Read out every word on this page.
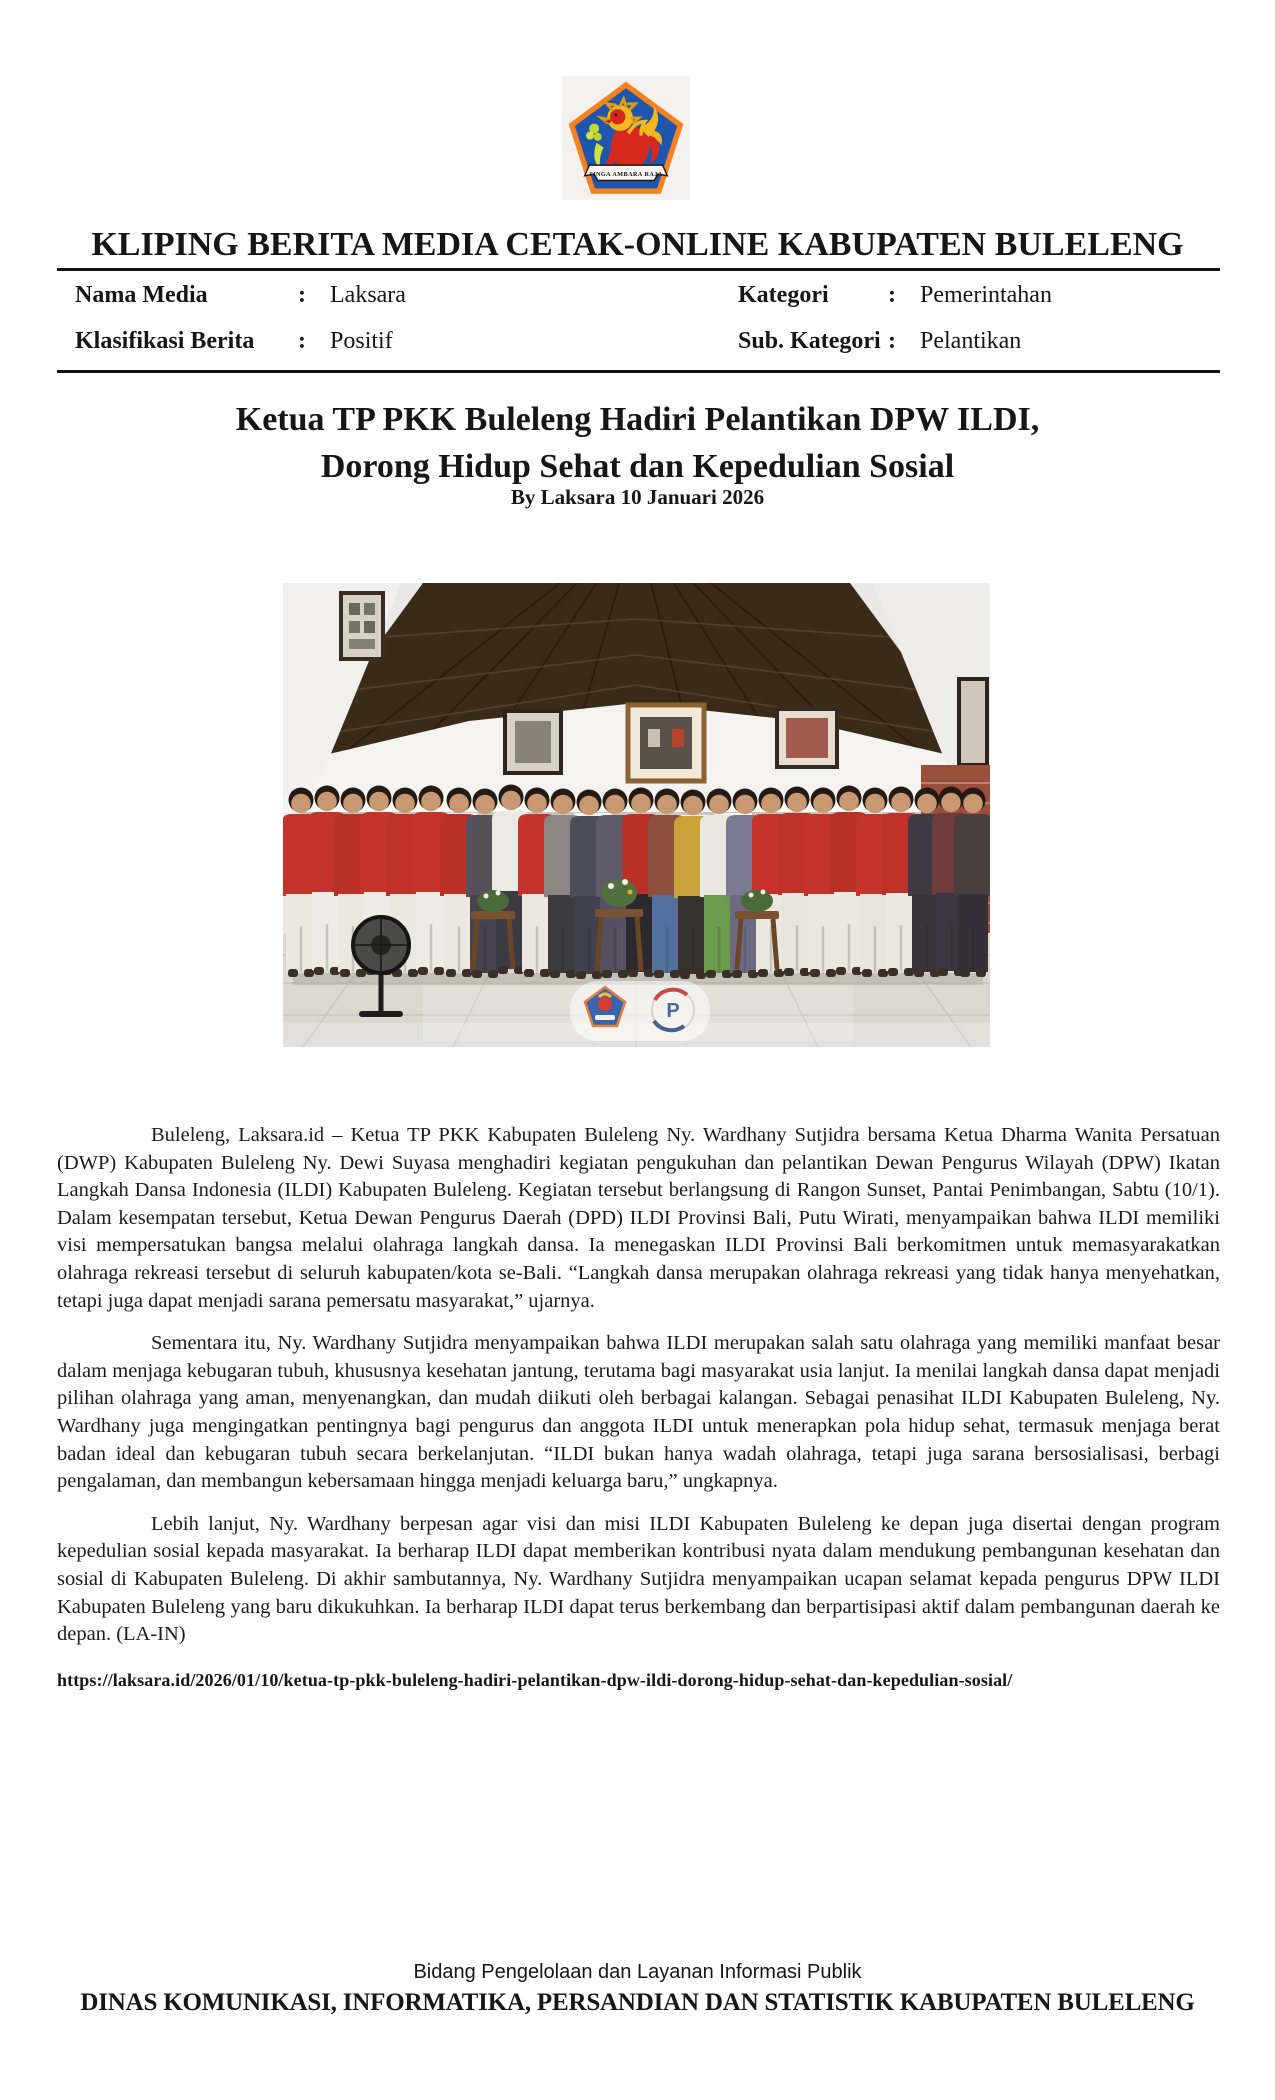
SINGA AMBARA RAJA
KLIPING BERITA MEDIA CETAK-ONLINE KABUPATEN BULELENG
Nama Media	: Laksara	Kategori : Pemerintahan
Klasifikasi Berita : Positif	Sub. Kategori : Pelantikan
Ketua TP PKK Buleleng Hadiri Pelantikan DPW ILDI,
Dorong Hidup Sehat dan Kepedulian Sosial
By Laksara 10 Januari 2026
P

Buleleng, Laksara.id – Ketua TP PKK Kabupaten Buleleng Ny. Wardhany Sutjidra bersama Ketua Dharma Wanita Persatuan (DWP) Kabupaten Buleleng Ny. Dewi Suyasa menghadiri kegiatan pengukuhan dan pelantikan Dewan Pengurus Wilayah (DPW) Ikatan Langkah Dansa Indonesia (ILDI) Kabupaten Buleleng. Kegiatan tersebut berlangsung di Rangon Sunset, Pantai Penimbangan, Sabtu (10/1). Dalam kesempatan tersebut, Ketua Dewan Pengurus Daerah (DPD) ILDI Provinsi Bali, Putu Wirati, menyampaikan bahwa ILDI memiliki visi mempersatukan bangsa melalui olahraga langkah dansa. Ia menegaskan ILDI Provinsi Bali berkomitmen untuk memasyarakatkan olahraga rekreasi tersebut di seluruh kabupaten/kota se-Bali. “Langkah dansa merupakan olahraga rekreasi yang tidak hanya menyehatkan, tetapi juga dapat menjadi sarana pemersatu masyarakat,” ujarnya.

Sementara itu, Ny. Wardhany Sutjidra menyampaikan bahwa ILDI merupakan salah satu olahraga yang memiliki manfaat besar dalam menjaga kebugaran tubuh, khususnya kesehatan jantung, terutama bagi masyarakat usia lanjut. Ia menilai langkah dansa dapat menjadi pilihan olahraga yang aman, menyenangkan, dan mudah diikuti oleh berbagai kalangan. Sebagai penasihat ILDI Kabupaten Buleleng, Ny. Wardhany juga mengingatkan pentingnya bagi pengurus dan anggota ILDI untuk menerapkan pola hidup sehat, termasuk menjaga berat badan ideal dan kebugaran tubuh secara berkelanjutan. “ILDI bukan hanya wadah olahraga, tetapi juga sarana bersosialisasi, berbagi pengalaman, dan membangun kebersamaan hingga menjadi keluarga baru,” ungkapnya.

Lebih lanjut, Ny. Wardhany berpesan agar visi dan misi ILDI Kabupaten Buleleng ke depan juga disertai dengan program kepedulian sosial kepada masyarakat. Ia berharap ILDI dapat memberikan kontribusi nyata dalam mendukung pembangunan kesehatan dan sosial di Kabupaten Buleleng. Di akhir sambutannya, Ny. Wardhany Sutjidra menyampaikan ucapan selamat kepada pengurus DPW ILDI Kabupaten Buleleng yang baru dikukuhkan. Ia berharap ILDI dapat terus berkembang dan berpartisipasi aktif dalam pembangunan daerah ke depan. (LA-IN)

https://laksara.id/2026/01/10/ketua-tp-pkk-buleleng-hadiri-pelantikan-dpw-ildi-dorong-hidup-sehat-dan-kepedulian-sosial/
Bidang Pengelolaan dan Layanan Informasi Publik
DINAS KOMUNIKASI, INFORMATIKA, PERSANDIAN DAN STATISTIK KABUPATEN BULELENG
